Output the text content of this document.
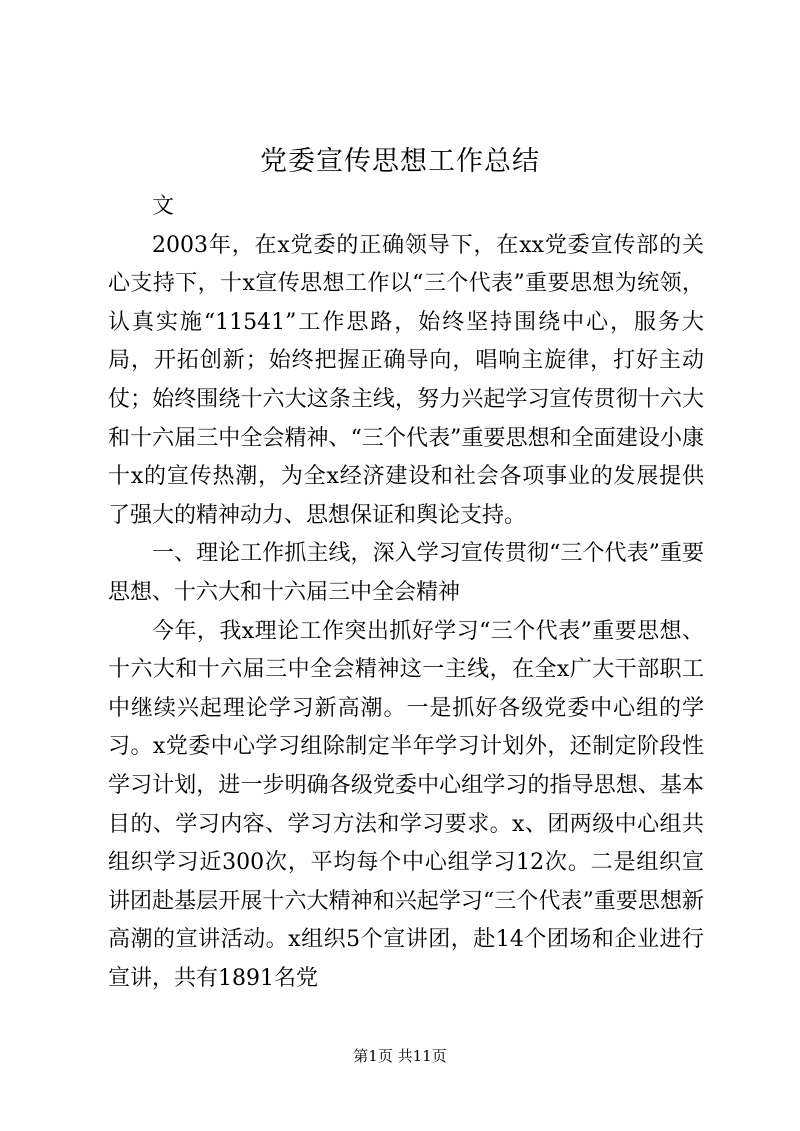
党委宣传思想工作总结

文

2003年，在x党委的正确领导下，在xx党委宣传部的关心支持下，十x宣传思想工作以“三个代表”重要思想为统领，认真实施“11541”工作思路，始终坚持围绕中心，服务大局，开拓创新；始终把握正确导向，唱响主旋律，打好主动仗；始终围绕十六大这条主线，努力兴起学习宣传贯彻十六大和十六届三中全会精神、“三个代表”重要思想和全面建设小康十x的宣传热潮，为全x经济建设和社会各项事业的发展提供了强大的精神动力、思想保证和舆论支持。

一、理论工作抓主线，深入学习宣传贯彻“三个代表”重要思想、十六大和十六届三中全会精神

今年，我x理论工作突出抓好学习“三个代表”重要思想、十六大和十六届三中全会精神这一主线，在全x广大干部职工中继续兴起理论学习新高潮。一是抓好各级党委中心组的学习。x党委中心学习组除制定半年学习计划外，还制定阶段性学习计划，进一步明确各级党委中心组学习的指导思想、基本目的、学习内容、学习方法和学习要求。x、团两级中心组共组织学习近300次，平均每个中心组学习12次。二是组织宣讲团赴基层开展十六大精神和兴起学习“三个代表”重要思想新高潮的宣讲活动。x组织5个宣讲团，赴14个团场和企业进行宣讲，共有1891名党

第1页 共11页
